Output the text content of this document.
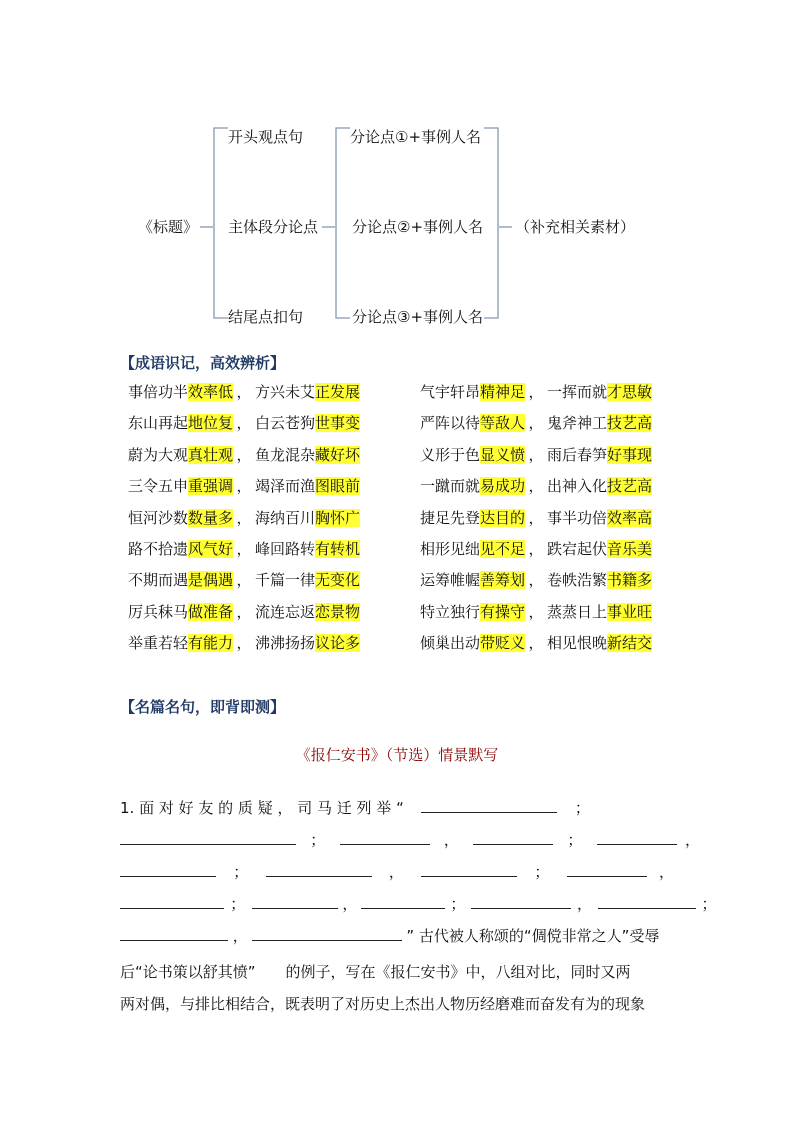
《标题》
开头观点句
主体段分论点
结尾点扣句
分论点①+事例人名
分论点②+事例人名
分论点③+事例人名
（补充相关素材）
【成语识记，高效辨析】
事倍功半效率低 ， 方兴未艾正发展	气宇轩昂精神足 ， 一挥而就才思敏
东山再起地位复 ， 白云苍狗世事变	严阵以待等敌人 ， 鬼斧神工技艺高
蔚为大观真壮观 ， 鱼龙混杂藏好坏	义形于色显义愤 ， 雨后春笋好事现
三令五申重强调 ， 竭泽而渔图眼前	一蹴而就易成功 ， 出神入化技艺高
恒河沙数数量多 ， 海纳百川胸怀广	捷足先登达目的 ， 事半功倍效率高
路不拾遗风气好 ， 峰回路转有转机	相形见绌见不足 ， 跌宕起伏音乐美
不期而遇是偶遇 ， 千篇一律无变化	运筹帷幄善筹划 ， 卷帙浩繁书籍多
厉兵秣马做准备 ， 流连忘返恋景物	特立独行有操守 ， 蒸蒸日上事业旺
举重若轻有能力 ， 沸沸扬扬议论多	倾巢出动带贬义 ， 相见恨晚新结交
【名篇名句，即背即测】
《报仁安书》（节选）情景默写
1. 面 对 好 友 的 质 疑 ， 司 马 迁 列 举 “	；
；	，	；	，
；	，	；	，
；	，	；	，	；
，	” 古代被人称颂的“倜傥非常之人”受辱
后“论书策以舒其愤”　　的例子，写在《报仁安书》中，八组对比，同时又两
两对偶，与排比相结合，既表明了对历史上杰出人物历经磨难而奋发有为的现象
